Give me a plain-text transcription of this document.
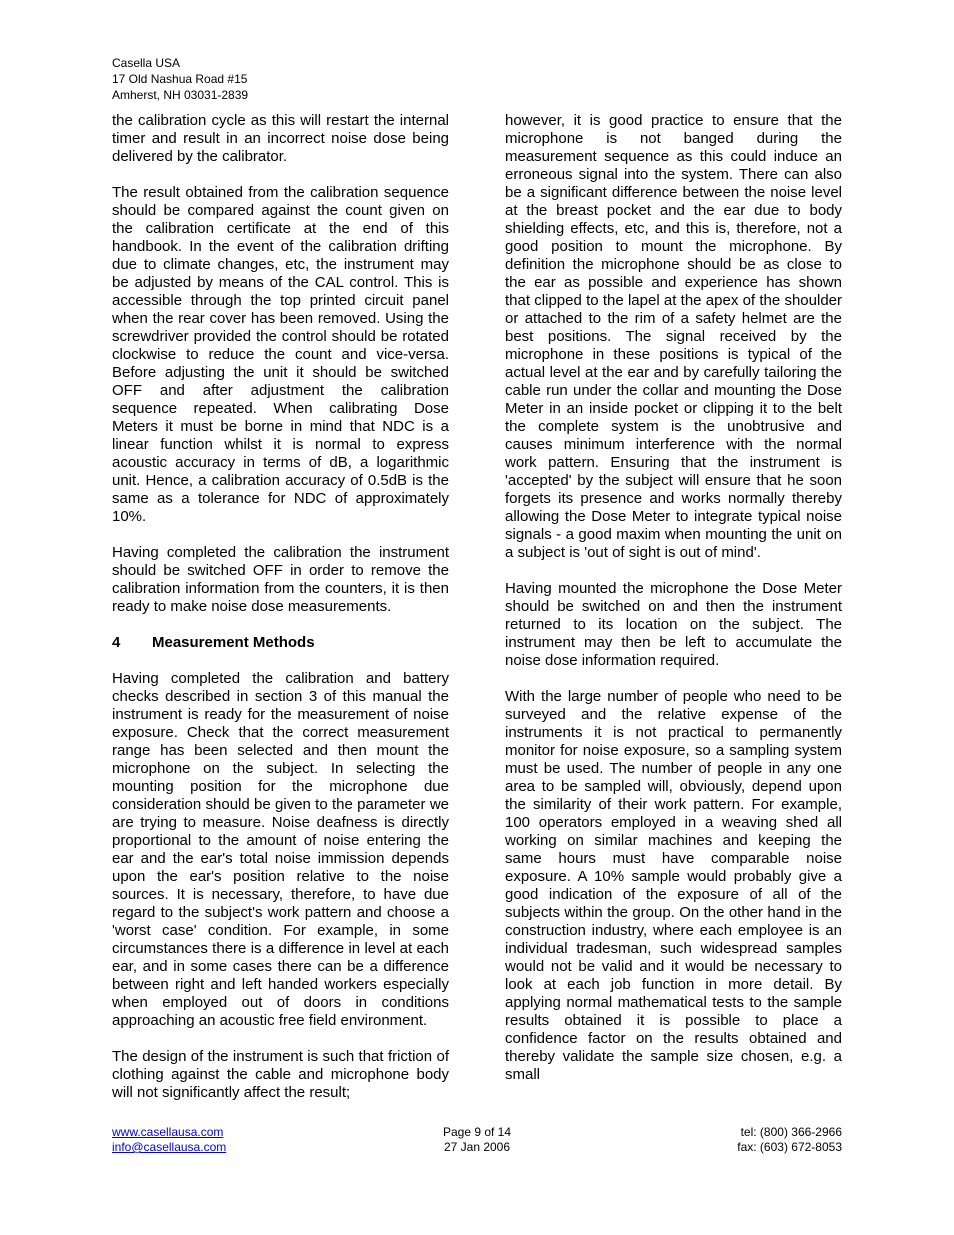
Casella USA
17 Old Nashua Road #15
Amherst, NH 03031-2839

the calibration cycle as this will restart the internal timer and result in an incorrect noise dose being delivered by the calibrator.

The result obtained from the calibration sequence should be compared against the count given on the calibration certificate at the end of this handbook. In the event of the calibration drifting due to climate changes, etc, the instrument may be adjusted by means of the CAL control. This is accessible through the top printed circuit panel when the rear cover has been removed. Using the screwdriver provided the control should be rotated clockwise to reduce the count and vice-versa. Before adjusting the unit it should be switched OFF and after adjustment the calibration sequence repeated. When calibrating Dose Meters it must be borne in mind that NDC is a linear function whilst it is normal to express acoustic accuracy in terms of dB, a logarithmic unit. Hence, a calibration accuracy of 0.5dB is the same as a tolerance for NDC of approximately 10%.

Having completed the calibration the instrument should be switched OFF in order to remove the calibration information from the counters, it is then ready to make noise dose measurements.

4 Measurement Methods

Having completed the calibration and battery checks described in section 3 of this manual the instrument is ready for the measurement of noise exposure. Check that the correct measurement range has been selected and then mount the microphone on the subject. In selecting the mounting position for the microphone due consideration should be given to the parameter we are trying to measure. Noise deafness is directly proportional to the amount of noise entering the ear and the ear's total noise immission depends upon the ear's position relative to the noise sources. It is necessary, therefore, to have due regard to the subject's work pattern and choose a 'worst case' condition. For example, in some circumstances there is a difference in level at each ear, and in some cases there can be a difference between right and left handed workers especially when employed out of doors in conditions approaching an acoustic free field environment.

The design of the instrument is such that friction of clothing against the cable and microphone body will not significantly affect the result;

however, it is good practice to ensure that the microphone is not banged during the measurement sequence as this could induce an erroneous signal into the system. There can also be a significant difference between the noise level at the breast pocket and the ear due to body shielding effects, etc, and this is, therefore, not a good position to mount the microphone. By definition the microphone should be as close to the ear as possible and experience has shown that clipped to the lapel at the apex of the shoulder or attached to the rim of a safety helmet are the best positions. The signal received by the microphone in these positions is typical of the actual level at the ear and by carefully tailoring the cable run under the collar and mounting the Dose Meter in an inside pocket or clipping it to the belt the complete system is the unobtrusive and causes minimum interference with the normal work pattern. Ensuring that the instrument is 'accepted' by the subject will ensure that he soon forgets its presence and works normally thereby allowing the Dose Meter to integrate typical noise signals - a good maxim when mounting the unit on a subject is 'out of sight is out of mind'.

Having mounted the microphone the Dose Meter should be switched on and then the instrument returned to its location on the subject. The instrument may then be left to accumulate the noise dose information required.

With the large number of people who need to be surveyed and the relative expense of the instruments it is not practical to permanently monitor for noise exposure, so a sampling system must be used. The number of people in any one area to be sampled will, obviously, depend upon the similarity of their work pattern. For example, 100 operators employed in a weaving shed all working on similar machines and keeping the same hours must have comparable noise exposure. A 10% sample would probably give a good indication of the exposure of all of the subjects within the group. On the other hand in the construction industry, where each employee is an individual tradesman, such widespread samples would not be valid and it would be necessary to look at each job function in more detail. By applying normal mathematical tests to the sample results obtained it is possible to place a confidence factor on the results obtained and thereby validate the sample size chosen, e.g. a small

www.casellausa.com
info@casellausa.com
Page 9 of 14
27 Jan 2006
tel: (800) 366-2966
fax: (603) 672-8053
